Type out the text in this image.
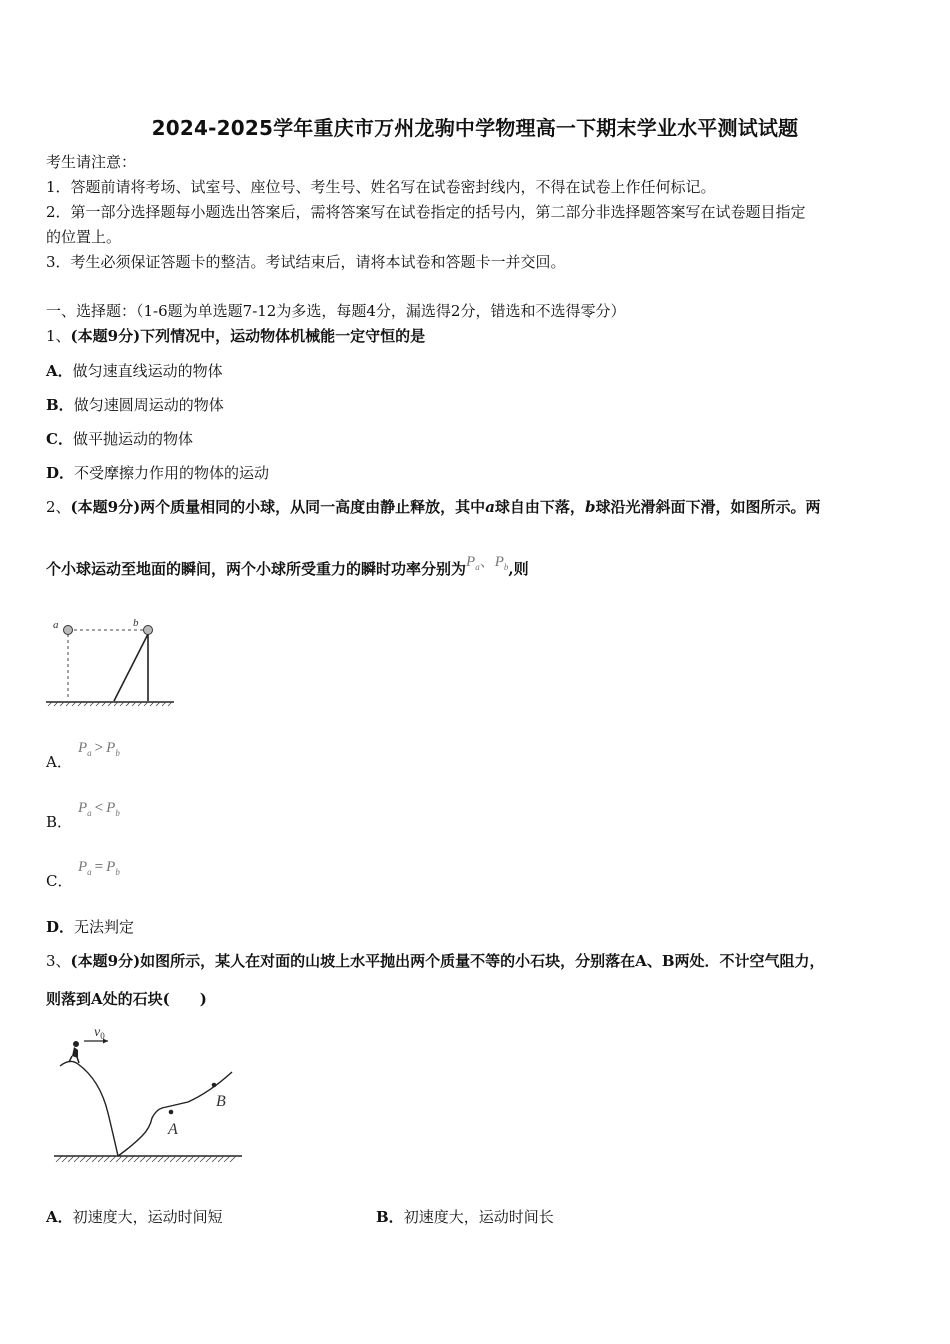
2024-2025学年重庆市万州龙驹中学物理高一下期末学业水平测试试题
考生请注意：
1．答题前请将考场、试室号、座位号、考生号、姓名写在试卷密封线内，不得在试卷上作任何标记。
2．第一部分选择题每小题选出答案后，需将答案写在试卷指定的括号内，第二部分非选择题答案写在试卷题目指定
的位置上。
3．考生必须保证答题卡的整洁。考试结束后，请将本试卷和答题卡一并交回。
一、选择题：（1-6题为单选题7-12为多选，每题4分，漏选得2分，错选和不选得零分）
1、(本题9分)下列情况中，运动物体机械能一定守恒的是
A．做匀速直线运动的物体
B．做匀速圆周运动的物体
C．做平抛运动的物体
D．不受摩擦力作用的物体的运动
2、(本题9分)两个质量相同的小球，从同一高度由静止释放，其中a球自由下落，b球沿光滑斜面下滑，如图所示。两
个小球运动至地面的瞬间，两个小球所受重力的瞬时功率分别为$P_a$、$P_b$,则
a	b
A．
$P_a > P_b$
B．
$P_a < P_b$
C．
$P_a = P_b$
D．无法判定
3、(本题9分)如图所示，某人在对面的山坡上水平抛出两个质量不等的小石块，分别落在A、B两处．不计空气阻力，
则落到A处的石块(　　)
A
B
$v_0$
A．初速度大，运动时间短	B．初速度大，运动时间长
